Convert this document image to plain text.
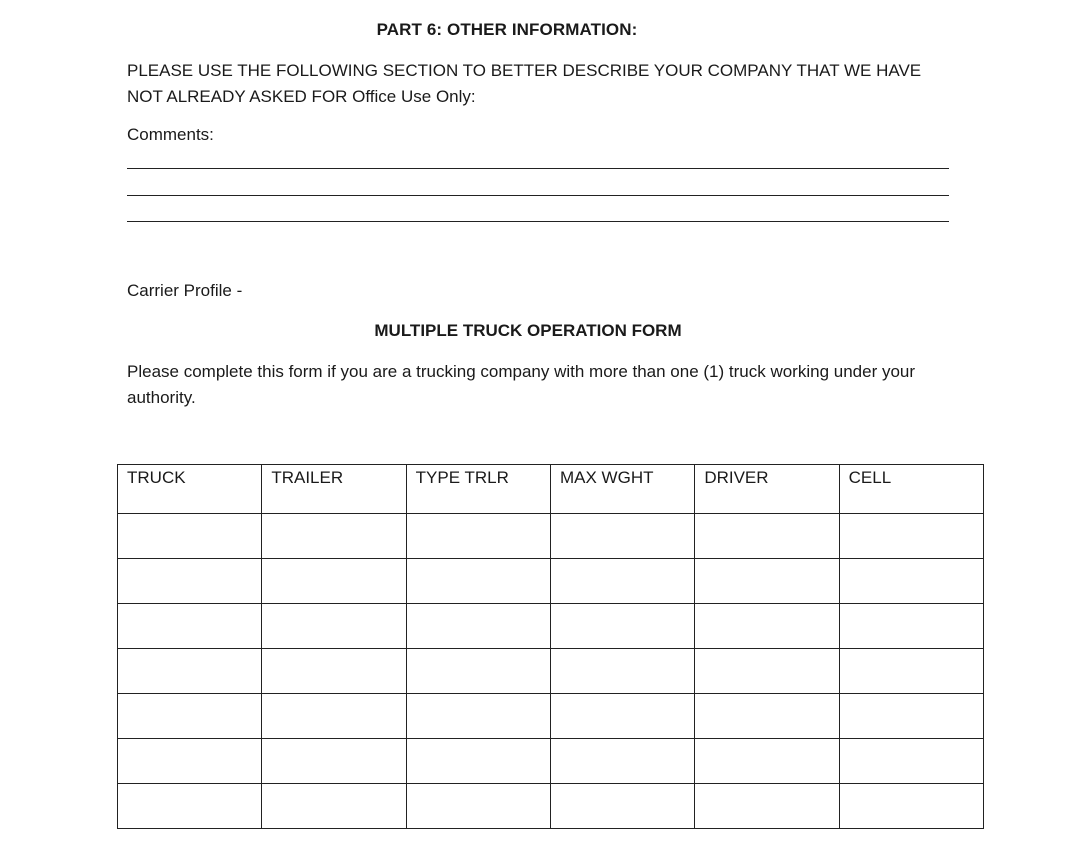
PART 6: OTHER INFORMATION:
PLEASE USE THE FOLLOWING SECTION TO BETTER DESCRIBE YOUR COMPANY THAT WE HAVE NOT ALREADY ASKED FOR Office Use Only:
Comments:
Carrier Profile -
MULTIPLE TRUCK OPERATION FORM
Please complete this form if you are a trucking company with more than one (1) truck working under your authority.
TRUCK	TRAILER	TYPE TRLR	MAX WGHT	DRIVER	CELL
